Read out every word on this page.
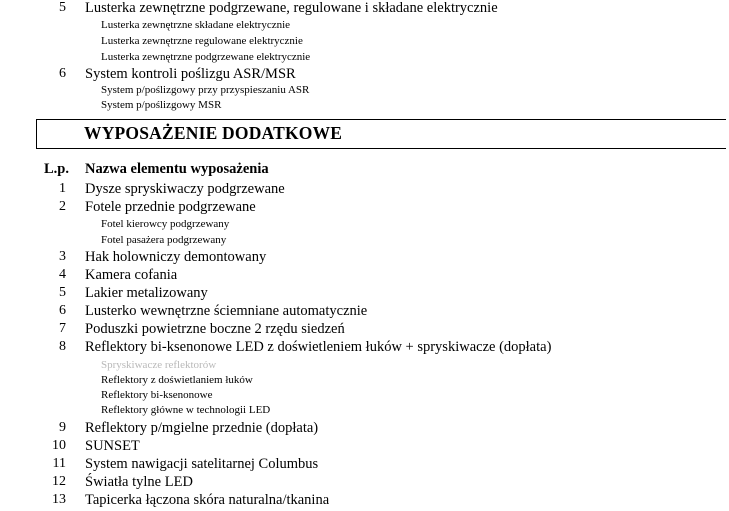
5 Lusterka zewnętrzne podgrzewane, regulowane i składane elektrycznie
Lusterka zewnętrzne składane elektrycznie
Lusterka zewnętrzne regulowane elektrycznie
Lusterka zewnętrzne podgrzewane elektrycznie
6 System kontroli poślizgu ASR/MSR
System p/poślizgowy przy przyspieszaniu ASR
System p/poślizgowy MSR
WYPOSAŻENIE DODATKOWE
L.p. Nazwa elementu wyposażenia
1 Dysze spryskiwaczy podgrzewane
2 Fotele przednie podgrzewane
Fotel kierowcy podgrzewany
Fotel pasażera podgrzewany
3 Hak holowniczy demontowany
4 Kamera cofania
5 Lakier metalizowany
6 Lusterko wewnętrzne ściemniane automatycznie
7 Poduszki powietrzne boczne 2 rzędu siedzeń
8 Reflektory bi-ksenonowe LED z doświetleniem łuków + spryskiwacze (dopłata)
Spryskiwacze reflektorów
Reflektory z doświetlaniem łuków
Reflektory bi-ksenonowe
Reflektory główne w technologii LED
9 Reflektory p/mgielne przednie (dopłata)
10 SUNSET
11 System nawigacji satelitarnej Columbus
12 Światła tylne LED
13 Tapicerka łączona skóra naturalna/tkanina
